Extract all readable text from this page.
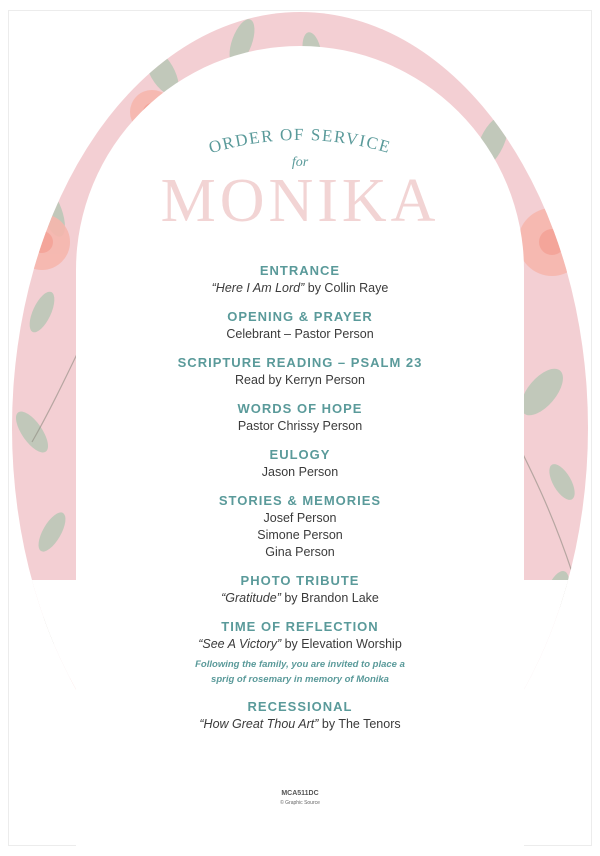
ORDER OF SERVICE
for
MONIKA
ENTRANCE
“Here I Am Lord” by Collin Raye
OPENING & PRAYER
Celebrant – Pastor Person
SCRIPTURE READING – PSALM 23
Read by Kerryn Person
WORDS OF HOPE
Pastor Chrissy Person
EULOGY
Jason Person
STORIES & MEMORIES
Josef Person
Simone Person
Gina Person
PHOTO TRIBUTE
“Gratitude” by Brandon Lake
TIME OF REFLECTION
“See A Victory” by Elevation Worship
Following the family, you are invited to place a
sprig of rosemary in memory of Monika
RECESSIONAL
“How Great Thou Art” by The Tenors
MCA511DC
© Graphic Source
